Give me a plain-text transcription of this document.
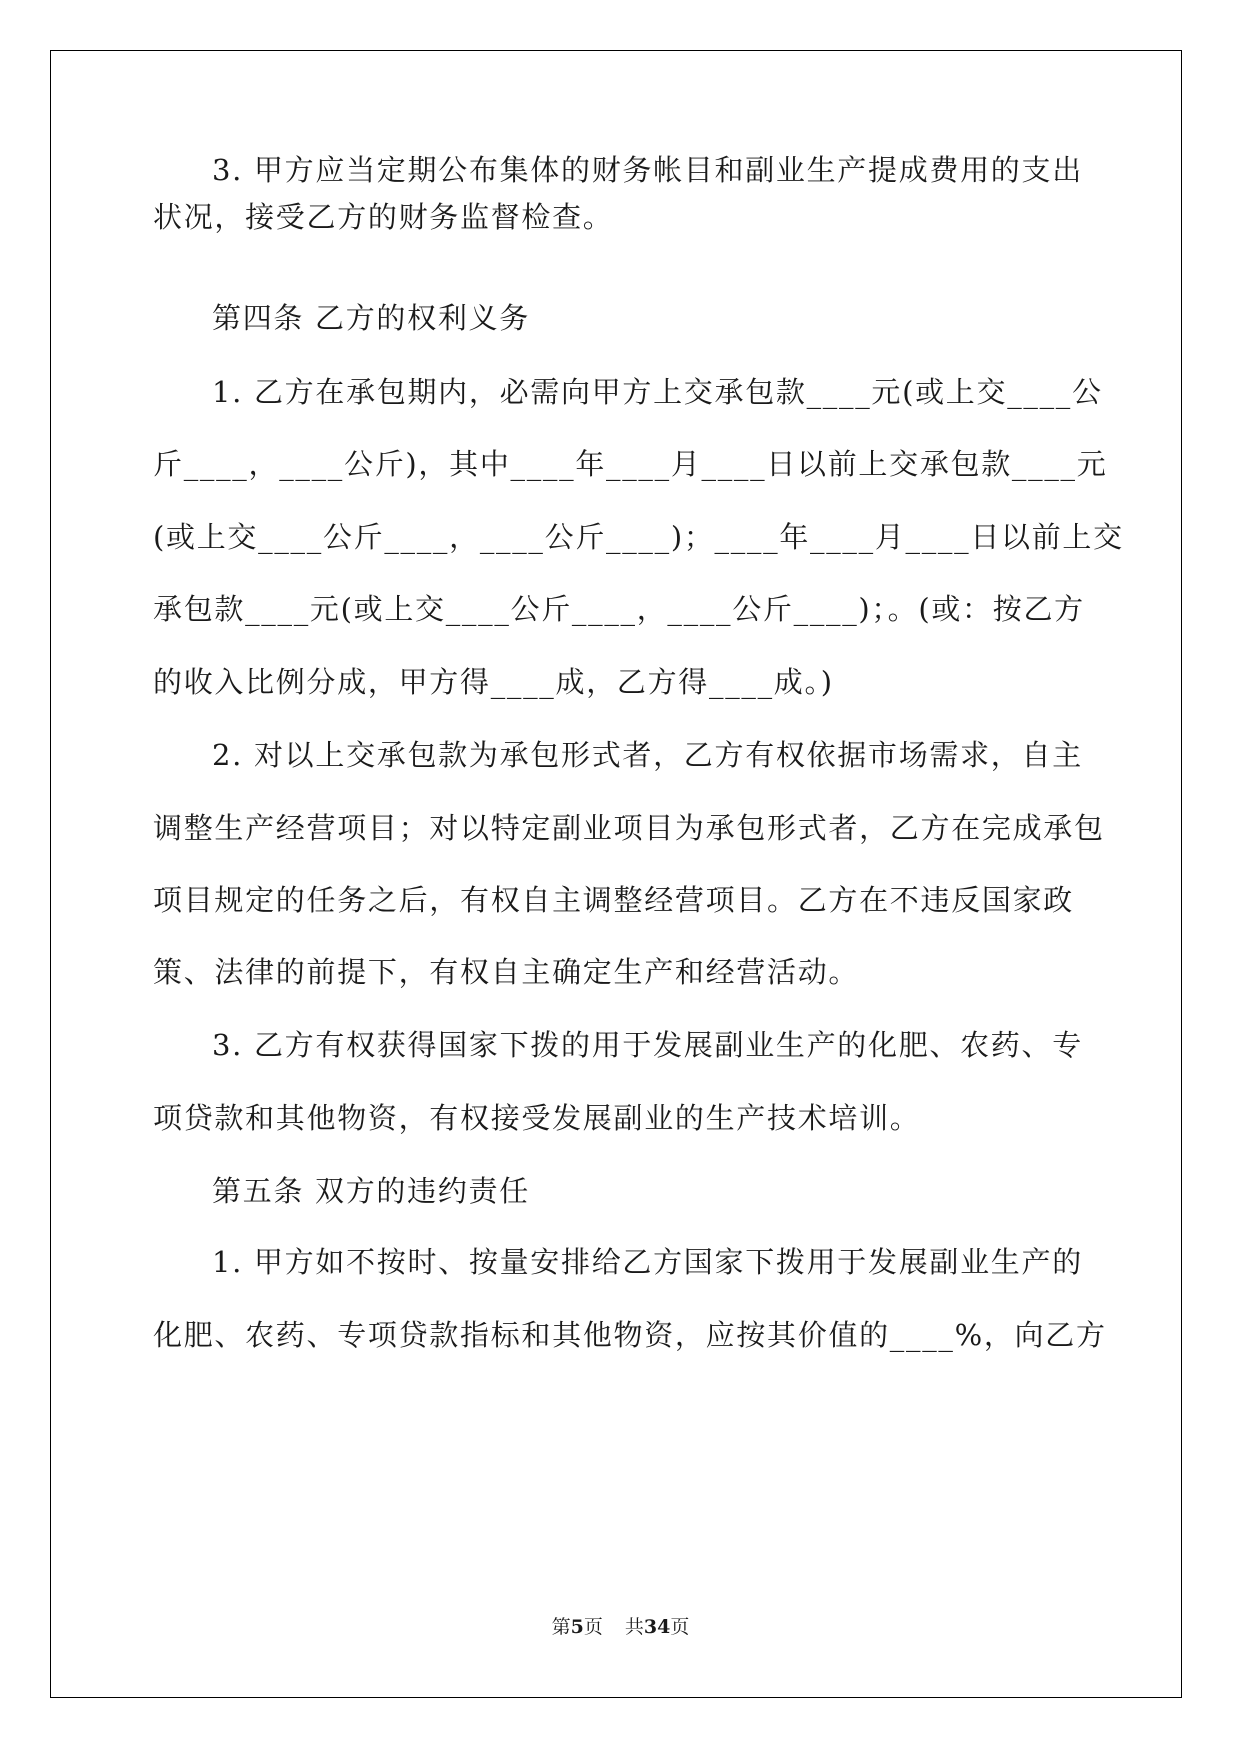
3. 甲方应当定期公布集体的财务帐目和副业生产提成费用的支出
状况，接受乙方的财务监督检查。
第四条 乙方的权利义务
1. 乙方在承包期内，必需向甲方上交承包款____元(或上交____公
斤____，____公斤)，其中____年____月____日以前上交承包款____元
(或上交____公斤____，____公斤____)；____年____月____日以前上交
承包款____元(或上交____公斤____，____公斤____)；。(或：按乙方
的收入比例分成，甲方得____成，乙方得____成。)
2. 对以上交承包款为承包形式者，乙方有权依据市场需求，自主
调整生产经营项目；对以特定副业项目为承包形式者，乙方在完成承包
项目规定的任务之后，有权自主调整经营项目。乙方在不违反国家政
策、法律的前提下，有权自主确定生产和经营活动。
3. 乙方有权获得国家下拨的用于发展副业生产的化肥、农药、专
项贷款和其他物资，有权接受发展副业的生产技术培训。
第五条 双方的违约责任
1. 甲方如不按时、按量安排给乙方国家下拨用于发展副业生产的
化肥、农药、专项贷款指标和其他物资，应按其价值的____%，向乙方
第5页 共34页
